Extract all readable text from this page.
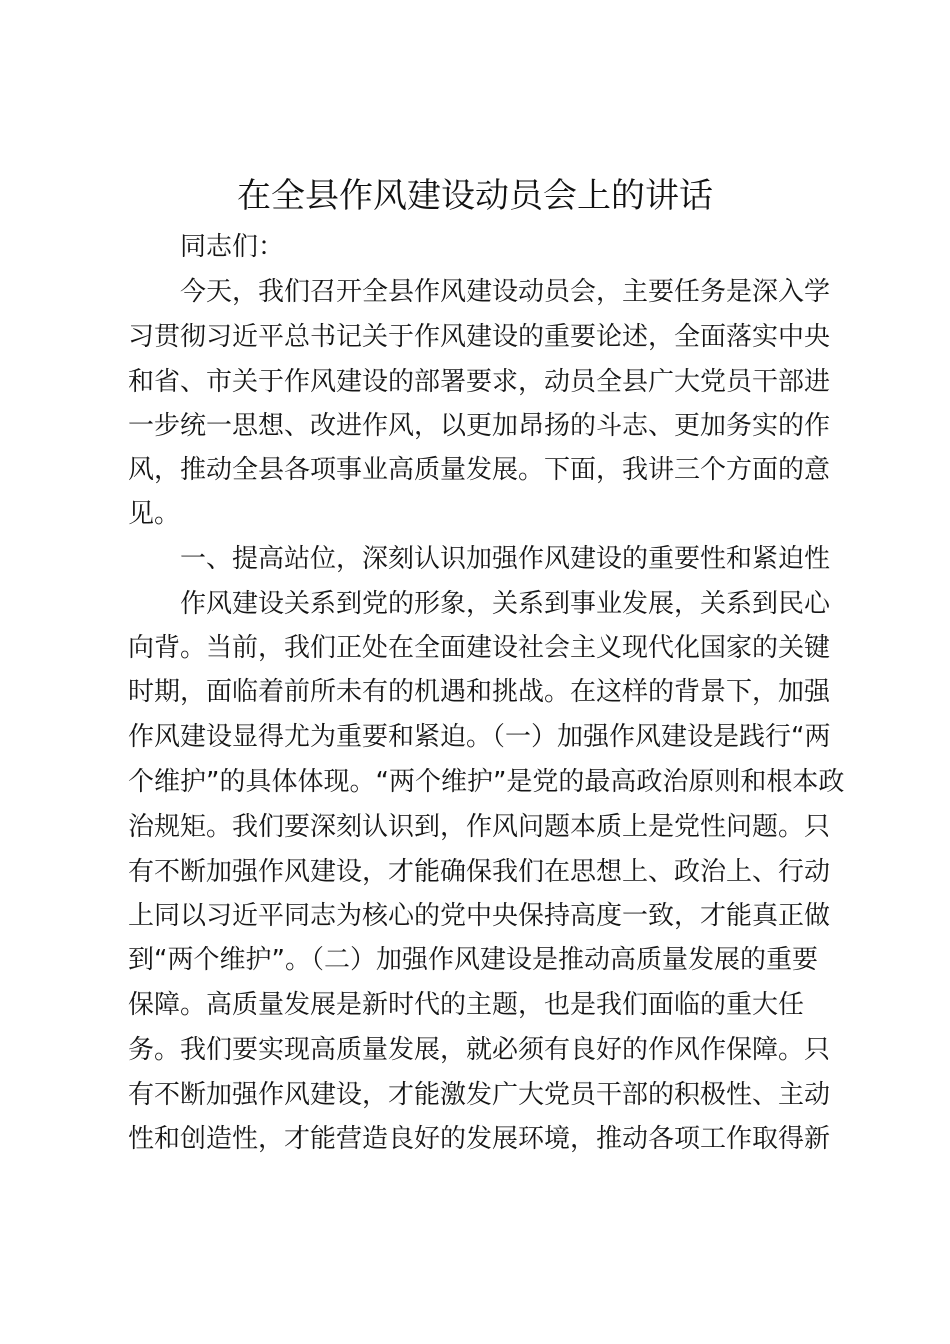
在全县作风建设动员会上的讲话
同志们：
今天，我们召开全县作风建设动员会，主要任务是深入学
习贯彻习近平总书记关于作风建设的重要论述，全面落实中央
和省、市关于作风建设的部署要求，动员全县广大党员干部进
一步统一思想、改进作风，以更加昂扬的斗志、更加务实的作
风，推动全县各项事业高质量发展。下面，我讲三个方面的意
见。
一、提高站位，深刻认识加强作风建设的重要性和紧迫性
作风建设关系到党的形象，关系到事业发展，关系到民心
向背。当前，我们正处在全面建设社会主义现代化国家的关键
时期，面临着前所未有的机遇和挑战。在这样的背景下，加强
作风建设显得尤为重要和紧迫。（一）加强作风建设是践行“两
个维护”的具体体现。“两个维护”是党的最高政治原则和根本政
治规矩。我们要深刻认识到，作风问题本质上是党性问题。只
有不断加强作风建设，才能确保我们在思想上、政治上、行动
上同以习近平同志为核心的党中央保持高度一致，才能真正做
到“两个维护”。（二）加强作风建设是推动高质量发展的重要
保障。高质量发展是新时代的主题，也是我们面临的重大任
务。我们要实现高质量发展，就必须有良好的作风作保障。只
有不断加强作风建设，才能激发广大党员干部的积极性、主动
性和创造性，才能营造良好的发展环境，推动各项工作取得新
